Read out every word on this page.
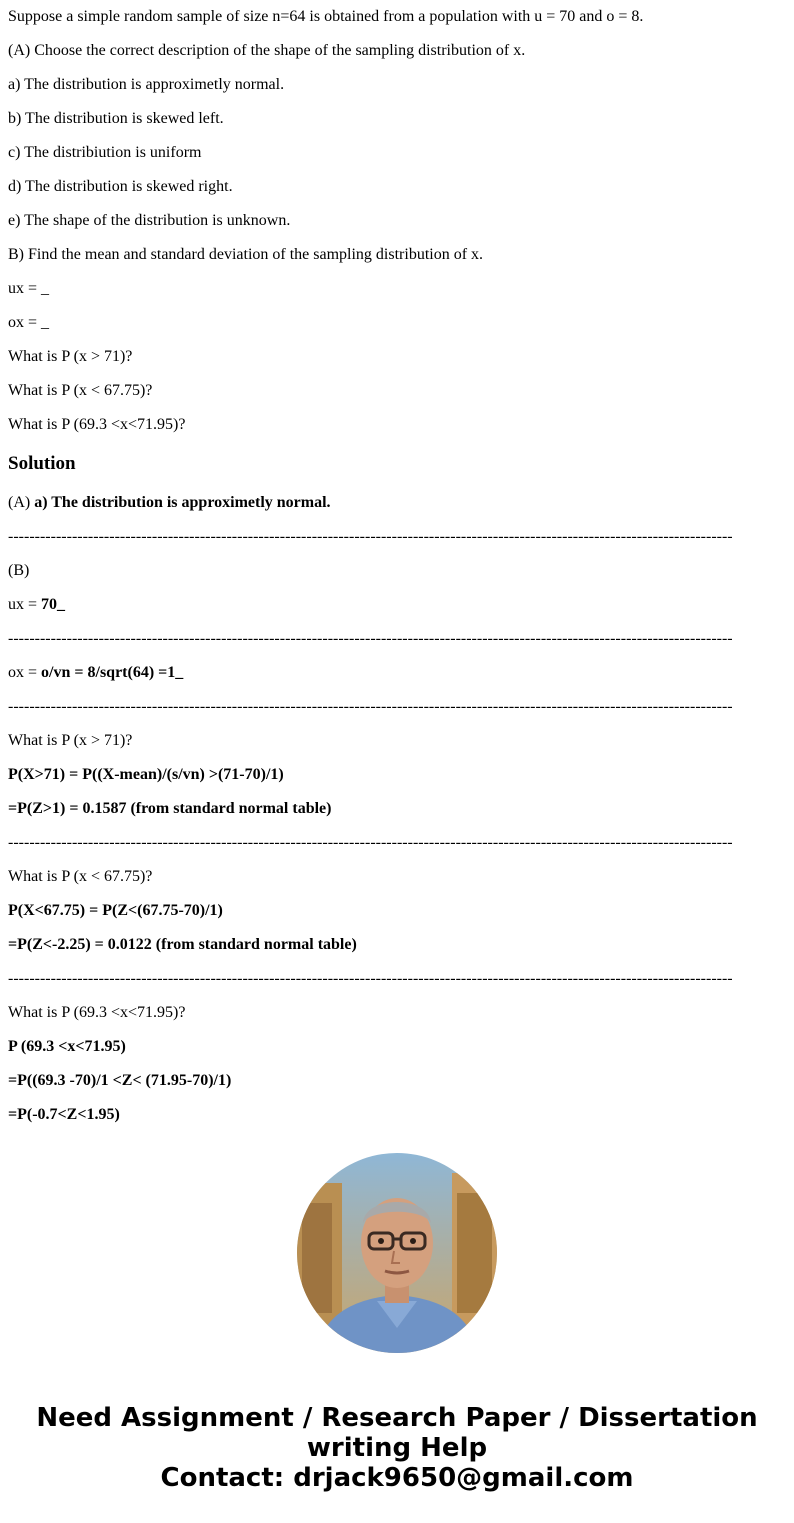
Suppose a simple random sample of size n=64 is obtained from a population with u = 70 and o = 8.

(A) Choose the correct description of the shape of the sampling distribution of x.

a) The distribution is approximetly normal.

b) The distribution is skewed left.

c) The distribiution is uniform

d) The distribution is skewed right.

e) The shape of the distribution is unknown.

B) Find the mean and standard deviation of the sampling distribution of x.

ux = _

ox = _

What is P (x > 71)?

What is P (x < 67.75)?

What is P (69.3 <x<71.95)?

Solution

(A) a) The distribution is approximetly normal.

----------------------------------------------------------------------------------------------------------------------------------------

(B)

ux = 70_

----------------------------------------------------------------------------------------------------------------------------------------

ox = o/vn = 8/sqrt(64) =1_

----------------------------------------------------------------------------------------------------------------------------------------

What is P (x > 71)?

P(X>71) = P((X-mean)/(s/vn) >(71-70)/1)

=P(Z>1) = 0.1587 (from standard normal table)

----------------------------------------------------------------------------------------------------------------------------------------

What is P (x < 67.75)?

P(X<67.75) = P(Z<(67.75-70)/1)

=P(Z<-2.25) = 0.0122 (from standard normal table)

----------------------------------------------------------------------------------------------------------------------------------------

What is P (69.3 <x<71.95)?

P (69.3 <x<71.95)

=P((69.3 -70)/1 <Z< (71.95-70)/1)

=P(-0.7<Z<1.95)

Need Assignment / Research Paper / Dissertation
writing Help
Contact: drjack9650@gmail.com
